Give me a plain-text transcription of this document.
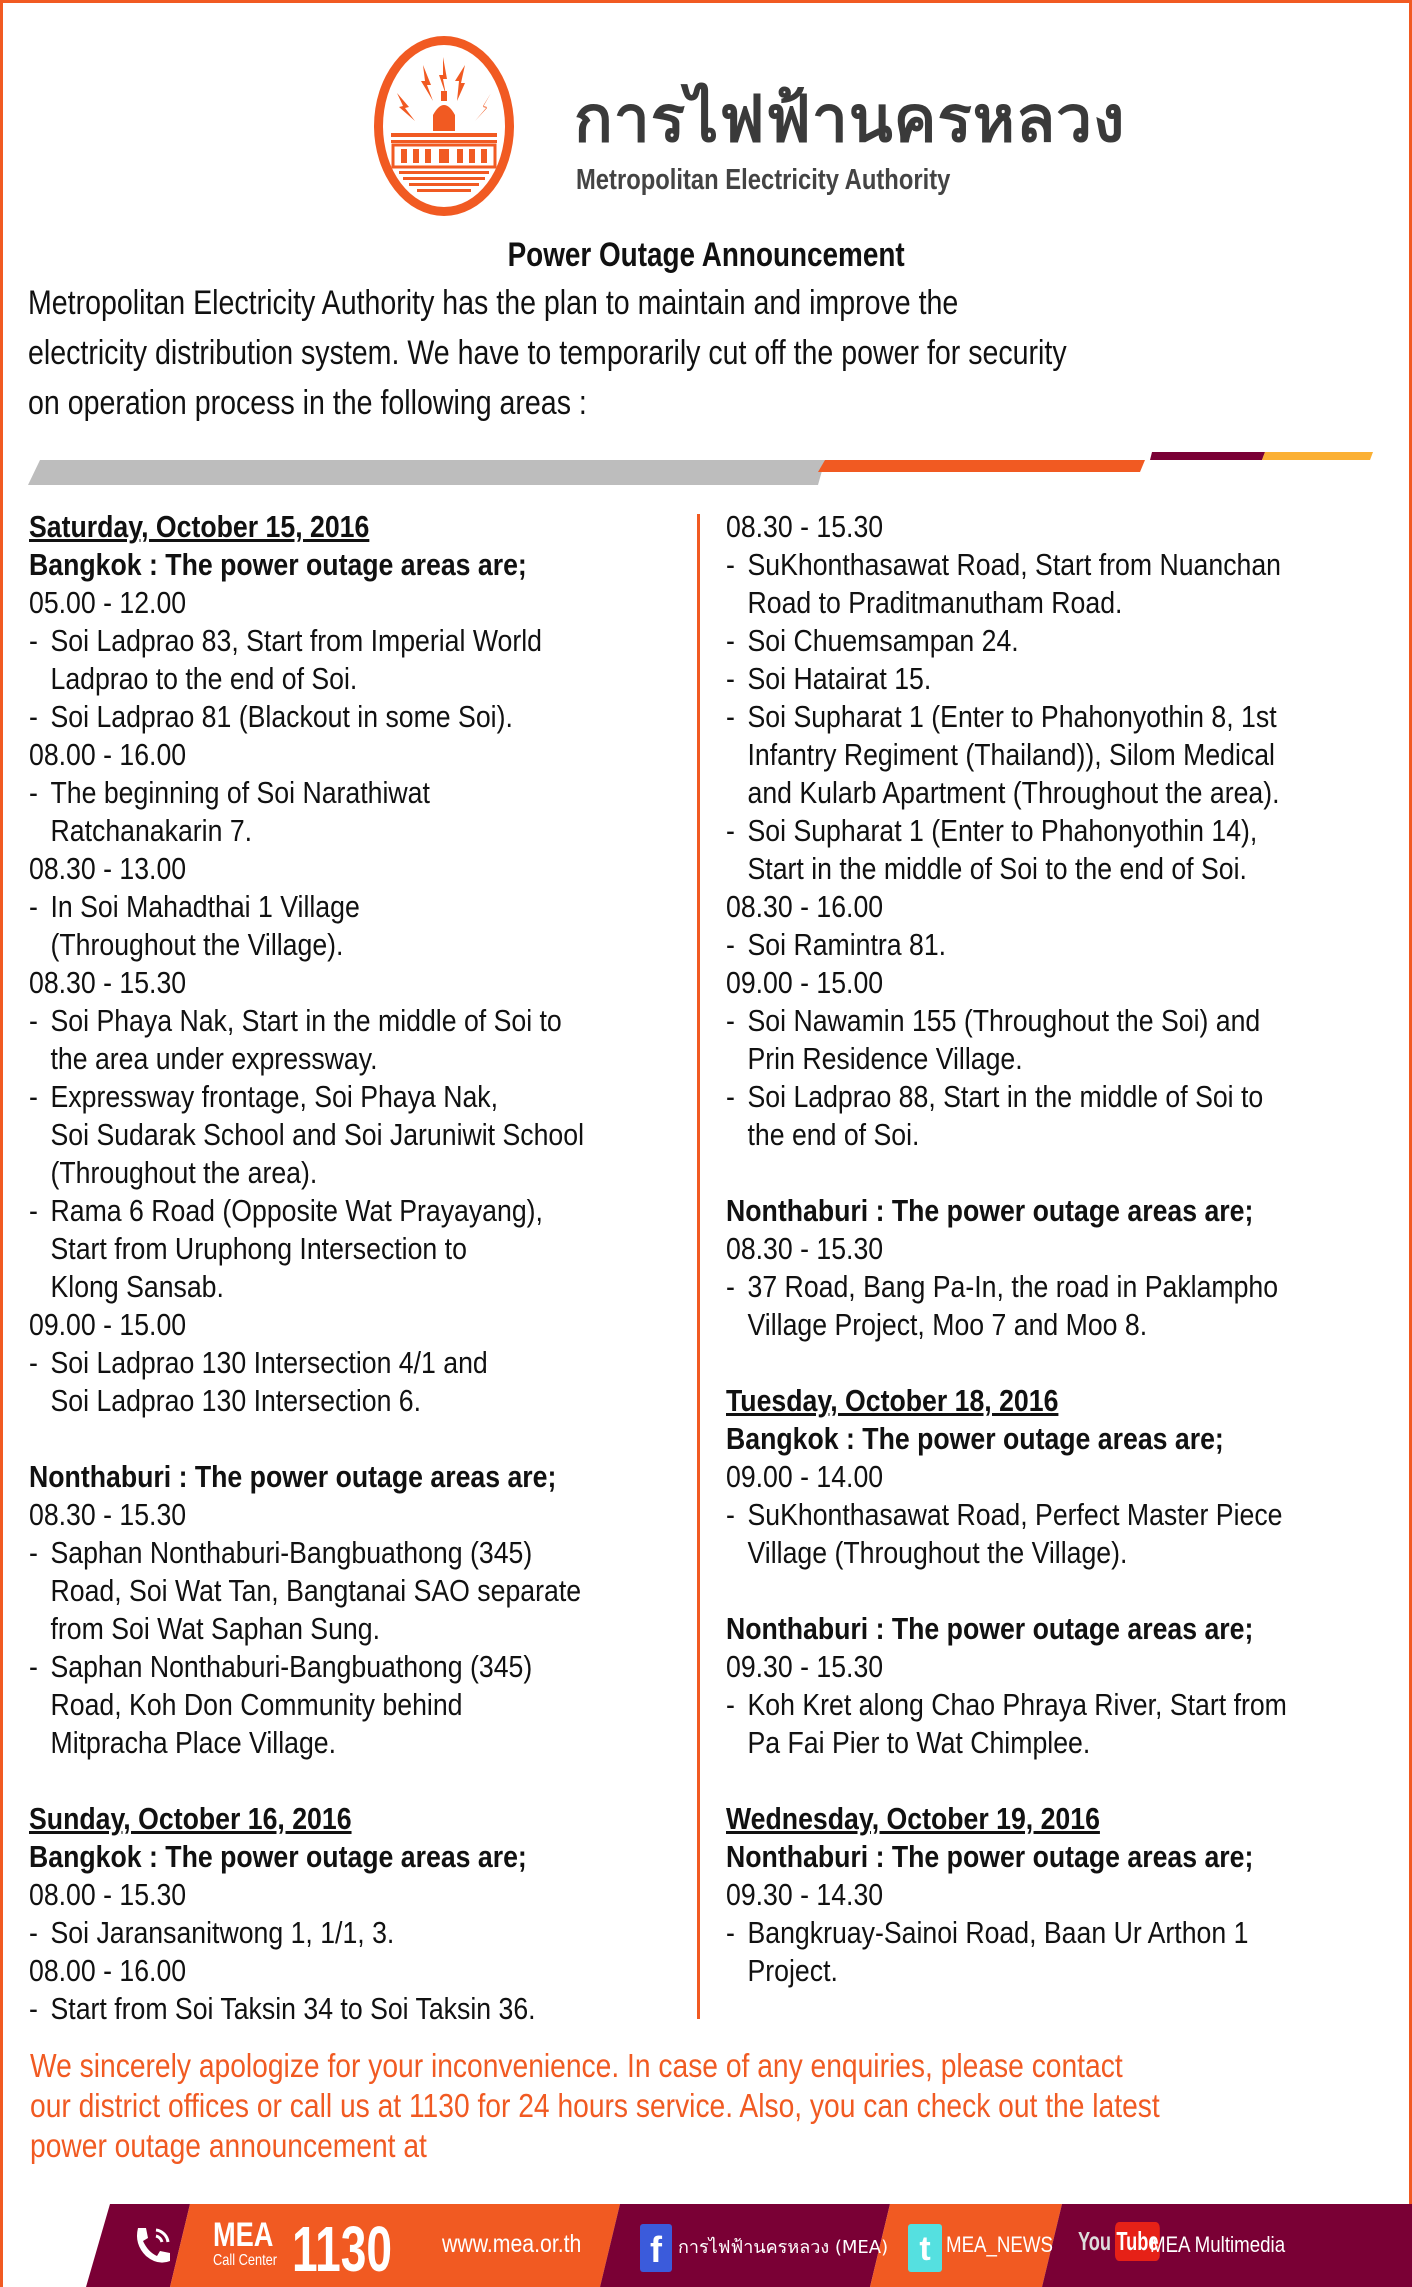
การไฟฟ้านครหลวง
Metropolitan Electricity Authority
Power Outage Announcement
Metropolitan Electricity Authority has the plan to maintain and improve the
electricity distribution system. We have to temporarily cut off the power for security
on operation process in the following areas :
Saturday, October 15, 2016
Bangkok : The power outage areas are;
05.00 - 12.00
- Soi Ladprao 83, Start from Imperial World
Ladprao to the end of Soi.
- Soi Ladprao 81 (Blackout in some Soi).
08.00 - 16.00
- The beginning of Soi Narathiwat
Ratchanakarin 7.
08.30 - 13.00
- In Soi Mahadthai 1 Village
(Throughout the Village).
08.30 - 15.30
- Soi Phaya Nak, Start in the middle of Soi to
the area under expressway.
- Expressway frontage, Soi Phaya Nak,
Soi Sudarak School and Soi Jaruniwit School
(Throughout the area).
- Rama 6 Road (Opposite Wat Prayayang),
Start from Uruphong Intersection to
Klong Sansab.
09.00 - 15.00
- Soi Ladprao 130 Intersection 4/1 and
Soi Ladprao 130 Intersection 6.
Nonthaburi : The power outage areas are;
08.30 - 15.30
- Saphan Nonthaburi-Bangbuathong (345)
Road, Soi Wat Tan, Bangtanai SAO separate
from Soi Wat Saphan Sung.
- Saphan Nonthaburi-Bangbuathong (345)
Road, Koh Don Community behind
Mitpracha Place Village.
Sunday, October 16, 2016
Bangkok : The power outage areas are;
08.00 - 15.30
- Soi Jaransanitwong 1, 1/1, 3.
08.00 - 16.00
- Start from Soi Taksin 34 to Soi Taksin 36.
08.30 - 15.30
- SuKhonthasawat Road, Start from Nuanchan
Road to Praditmanutham Road.
- Soi Chuemsampan 24.
- Soi Hatairat 15.
- Soi Supharat 1 (Enter to Phahonyothin 8, 1st
Infantry Regiment (Thailand)), Silom Medical
and Kularb Apartment (Throughout the area).
- Soi Supharat 1 (Enter to Phahonyothin 14),
Start in the middle of Soi to the end of Soi.
08.30 - 16.00
- Soi Ramintra 81.
09.00 - 15.00
- Soi Nawamin 155 (Throughout the Soi) and
Prin Residence Village.
- Soi Ladprao 88, Start in the middle of Soi to
the end of Soi.
Nonthaburi : The power outage areas are;
08.30 - 15.30
- 37 Road, Bang Pa-In, the road in Paklampho
Village Project, Moo 7 and Moo 8.
Tuesday, October 18, 2016
Bangkok : The power outage areas are;
09.00 - 14.00
- SuKhonthasawat Road, Perfect Master Piece
Village (Throughout the Village).
Nonthaburi : The power outage areas are;
09.30 - 15.30
- Koh Kret along Chao Phraya River, Start from
Pa Fai Pier to Wat Chimplee.
Wednesday, October 19, 2016
Nonthaburi : The power outage areas are;
09.30 - 14.30
- Bangkruay-Sainoi Road, Baan Ur Arthon 1
Project.
We sincerely apologize for your inconvenience. In case of any enquiries, please contact
our district offices or call us at 1130 for 24 hours service. Also, you can check out the latest
power outage announcement at
MEA
Call Center 1130 www.mea.or.th f การไฟฟ้านครหลวง (MEA) t MEA_NEWS You Tube
MEA Multimedia
